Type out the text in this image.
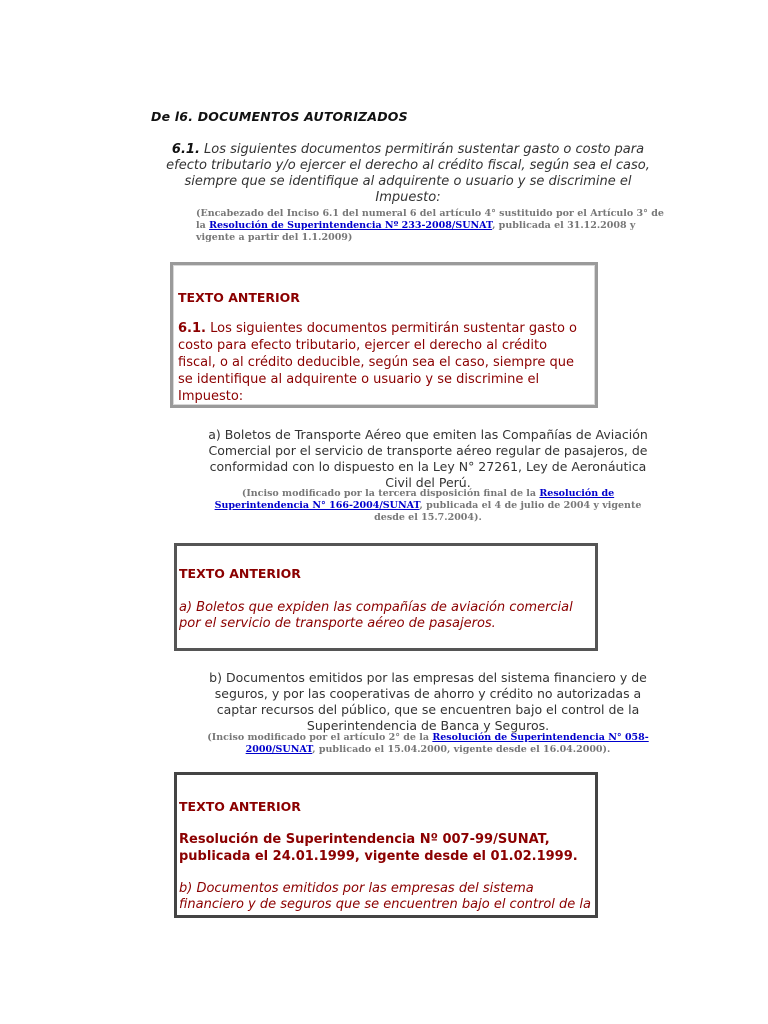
De l6. DOCUMENTOS AUTORIZADOS
6.1. Los siguientes documentos permitirán sustentar gasto o costo para efecto tributario y/o ejercer el derecho al crédito fiscal, según sea el caso, siempre que se identifique al adquirente o usuario y se discrimine el Impuesto:
(Encabezado del Inciso 6.1 del numeral 6 del artículo 4° sustituido por el Artículo 3° de la Resolución de Superintendencia Nº 233-2008/SUNAT, publicada el 31.12.2008 y vigente a partir del 1.1.2009)
TEXTO ANTERIOR
6.1. Los siguientes documentos permitirán sustentar gasto o costo para efecto tributario, ejercer el derecho al crédito fiscal, o al crédito deducible, según sea el caso, siempre que se identifique al adquirente o usuario y se discrimine el Impuesto:
a) Boletos de Transporte Aéreo que emiten las Compañías de Aviación Comercial por el servicio de transporte aéreo regular de pasajeros, de conformidad con lo dispuesto en la Ley N° 27261, Ley de Aeronáutica Civil del Perú.
(Inciso modificado por la tercera disposición final de la Resolución de Superintendencia N° 166-2004/SUNAT, publicada el 4 de julio de 2004 y vigente desde el 15.7.2004).
TEXTO ANTERIOR
a) Boletos que expiden las compañías de aviación comercial por el servicio de transporte aéreo de pasajeros.
b) Documentos emitidos por las empresas del sistema financiero y de seguros, y por las cooperativas de ahorro y crédito no autorizadas a captar recursos del público, que se encuentren bajo el control de la Superintendencia de Banca y Seguros.
(Inciso modificado por el artículo 2° de la Resolución de Superintendencia N° 058-2000/SUNAT, publicado el 15.04.2000, vigente desde el 16.04.2000).
TEXTO ANTERIOR
Resolución de Superintendencia Nº 007-99/SUNAT, publicada el 24.01.1999, vigente desde el 01.02.1999.
b) Documentos emitidos por las empresas del sistema financiero y de seguros que se encuentren bajo el control de la
